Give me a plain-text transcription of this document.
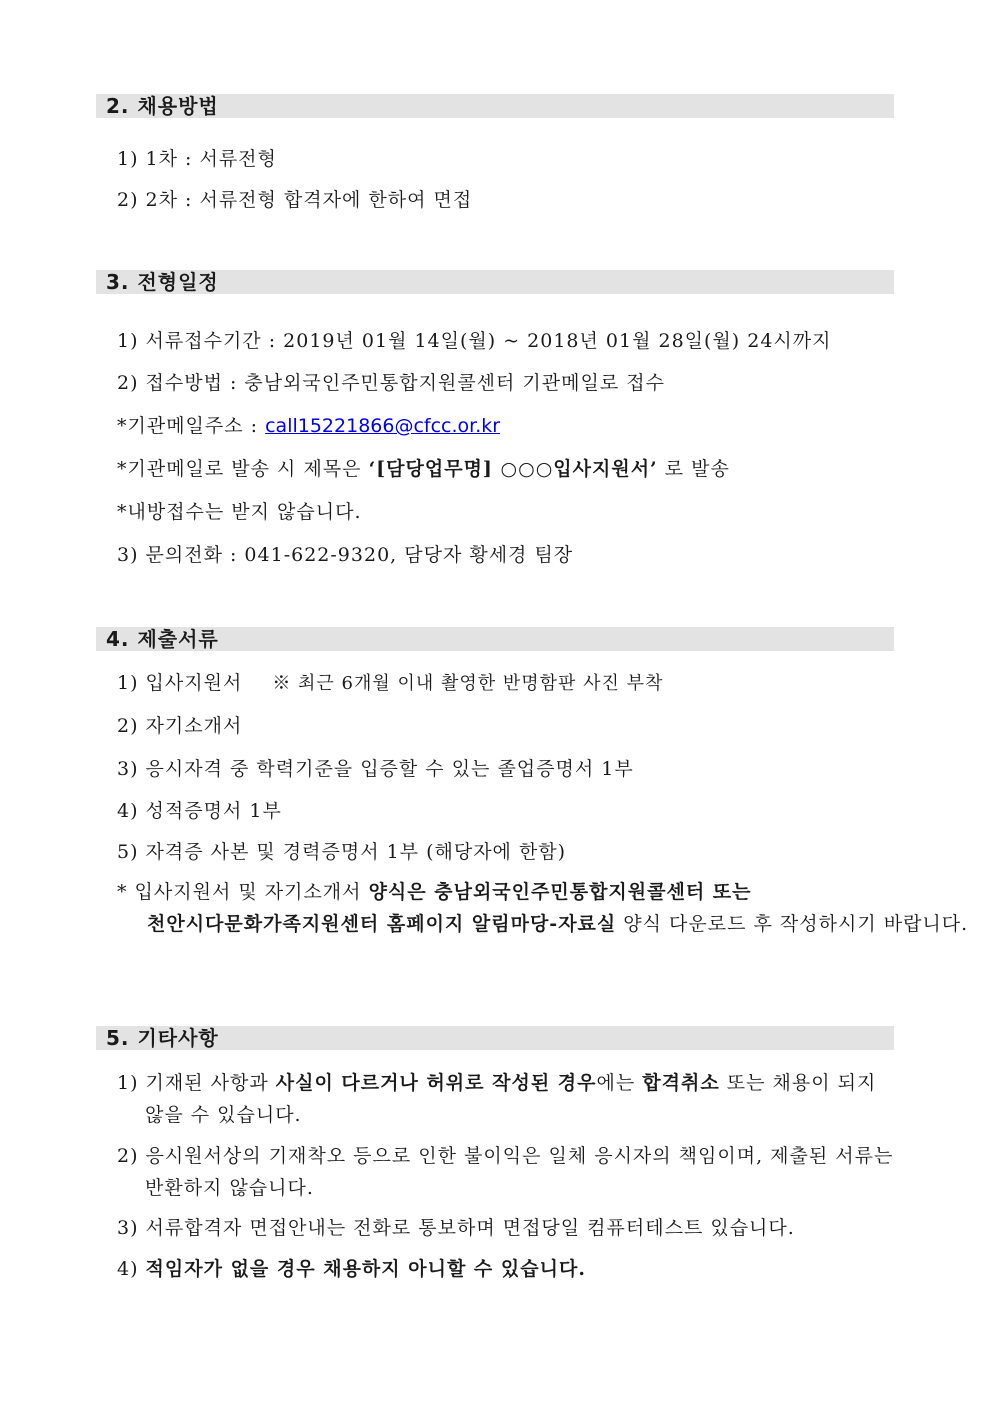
2. 채용방법
1) 1차 : 서류전형
2) 2차 : 서류전형 합격자에 한하여 면접
3. 전형일정
1) 서류접수기간 : 2019년 01월 14일(월) ~ 2018년 01월 28일(월) 24시까지
2) 접수방법 : 충남외국인주민통합지원콜센터 기관메일로 접수
*기관메일주소 : call15221866@cfcc.or.kr
*기관메일로 발송 시 제목은 ‘[담당업무명] ○○○입사지원서’ 로 발송
*내방접수는 받지 않습니다.
3) 문의전화 : 041-622-9320, 담당자 황세경 팀장
4. 제출서류
1) 입사지원서 ※ 최근 6개월 이내 촬영한 반명함판 사진 부착
2) 자기소개서
3) 응시자격 중 학력기준을 입증할 수 있는 졸업증명서 1부
4) 성적증명서 1부
5) 자격증 사본 및 경력증명서 1부 (해당자에 한함)
* 입사지원서 및 자기소개서 양식은 충남외국인주민통합지원콜센터 또는
천안시다문화가족지원센터 홈페이지 알림마당-자료실 양식 다운로드 후 작성하시기 바랍니다.
5. 기타사항
1) 기재된 사항과 사실이 다르거나 허위로 작성된 경우에는 합격취소 또는 채용이 되지
않을 수 있습니다.
2) 응시원서상의 기재착오 등으로 인한 불이익은 일체 응시자의 책임이며, 제출된 서류는
반환하지 않습니다.
3) 서류합격자 면접안내는 전화로 통보하며 면접당일 컴퓨터테스트 있습니다.
4) 적임자가 없을 경우 채용하지 아니할 수 있습니다.
